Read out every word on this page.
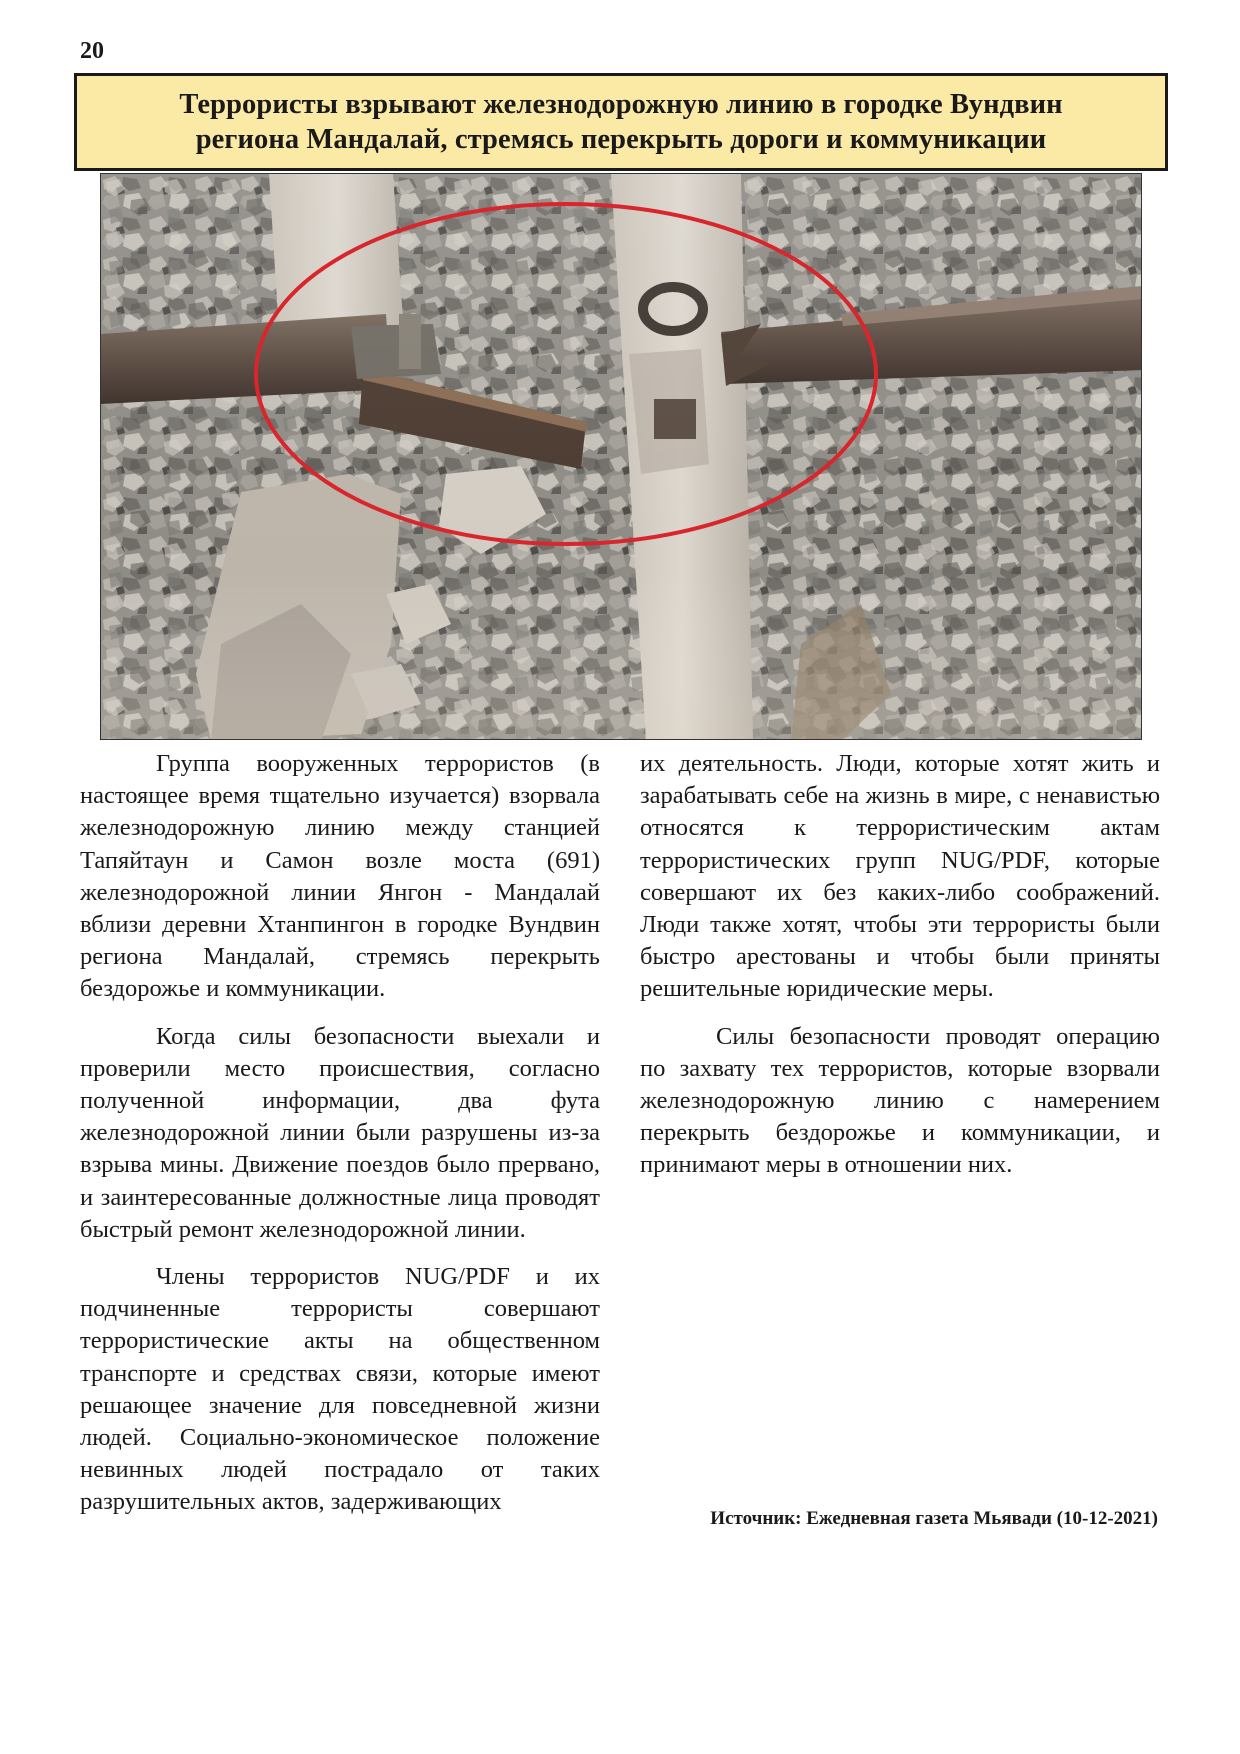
20
Террористы взрывают железнодорожную линию в городке Вундвин
региона Мандалай, стремясь перекрыть дороги и коммуникации

Группа вооруженных террористов (в настоящее время тщательно изучается) взорвала железнодорожную линию между станцией Тапяйтаун и Самон возле моста (691) железнодорожной линии Янгон - Мандалай вблизи деревни Хтанпингон в городке Вундвин региона Мандалай, стремясь перекрыть бездорожье и коммуникации.

Когда силы безопасности выехали и проверили место происшествия, согласно полученной информации, два фута железнодорожной линии были разрушены из-за взрыва мины. Движение поездов было прервано, и заинтересованные должностные лица проводят быстрый ремонт железнодорожной линии.

Члены террористов NUG/PDF и их подчиненные террористы совершают террористические акты на общественном транспорте и средствах связи, которые имеют решающее значение для повседневной жизни людей. Социально-экономическое положение невинных людей пострадало от таких разрушительных актов, задерживающих

их деятельность. Люди, которые хотят жить и зарабатывать себе на жизнь в мире, с ненавистью относятся к террористическим актам террористических групп NUG/PDF, которые совершают их без каких-либо соображений. Люди также хотят, чтобы эти террористы были быстро арестованы и чтобы были приняты решительные юридические меры.

Силы безопасности проводят операцию по захвату тех террористов, которые взорвали железнодорожную линию с намерением перекрыть бездорожье и коммуникации, и принимают меры в отношении них.

Источник: Ежедневная газета Мьявади (10-12-2021)
